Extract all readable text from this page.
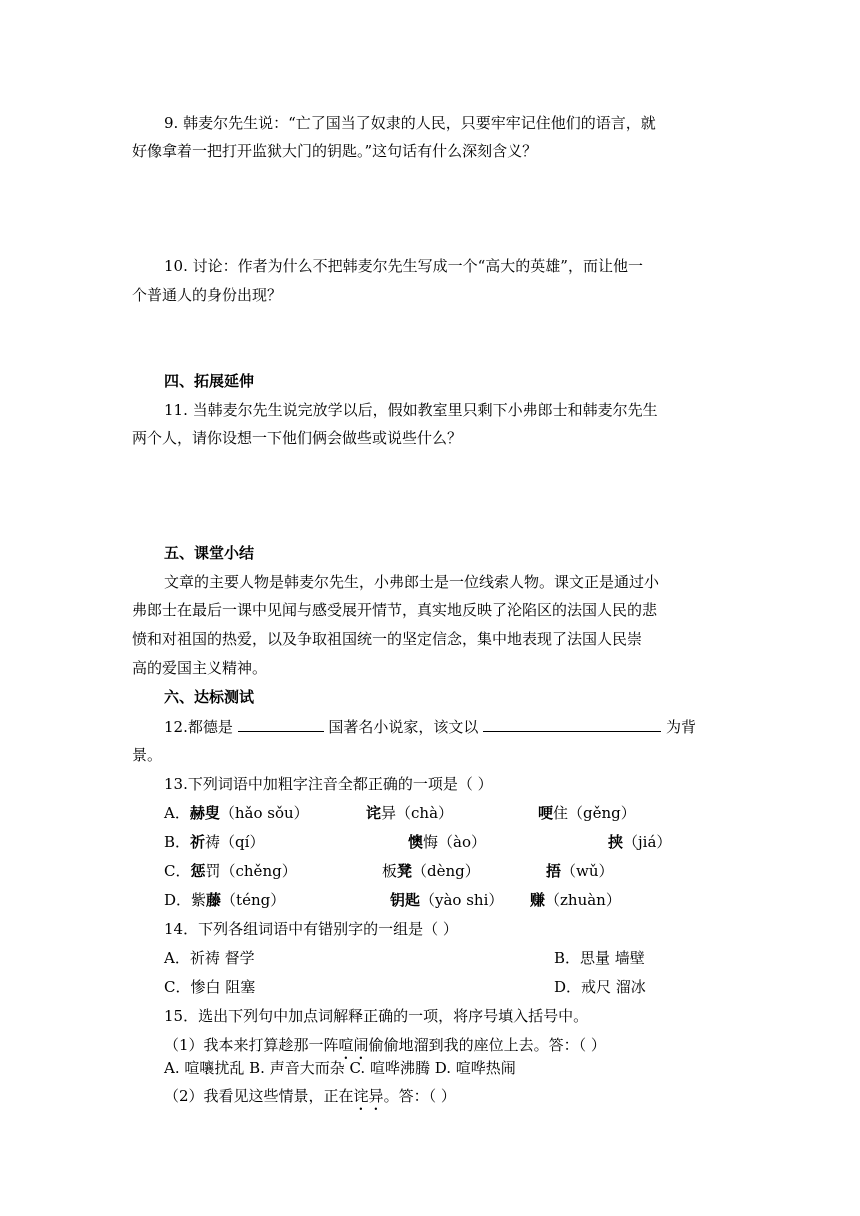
9. 韩麦尔先生说：“亡了国当了奴隶的人民，只要牢牢记住他们的语言，就
好像拿着一把打开监狱大门的钥匙。”这句话有什么深刻含义？
10. 讨论：作者为什么不把韩麦尔先生写成一个“高大的英雄”，而让他一
个普通人的身份出现？
四、拓展延伸
11. 当韩麦尔先生说完放学以后，假如教室里只剩下小弗郎士和韩麦尔先生
两个人，请你设想一下他们俩会做些或说些什么？
五、课堂小结
文章的主要人物是韩麦尔先生，小弗郎士是一位线索人物。课文正是通过小
弗郎士在最后一课中见闻与感受展开情节，真实地反映了沦陷区的法国人民的悲
愤和对祖国的热爱，以及争取祖国统一的坚定信念，集中地表现了法国人民崇
高的爱国主义精神。
六、达标测试
12.都德是	国著名小说家，该文以	为背
景。
13.下列词语中加粗字注音全都正确的一项是（ ）
A．赫叟（hǎo sǒu）	诧异（chà）	哽住（gěng）
B．祈祷（qí）	懊悔（ào）	挟（jiá）
C．惩罚（chěng）	板凳（dèng）	捂（wǔ）
D．紫藤（téng）	钥匙（yào shi） 赚（zhuàn）
14．下列各组词语中有错别字的一组是（ ）
A．祈祷 督学	B．思量 墙壁
C．惨白 阻塞	D．戒尺 溜冰
15．选出下列句中加点词解释正确的一项，将序号填入括号中。
（1）我本来打算趁那一阵喧闹偷偷地溜到我的座位上去。答：（ ）
A. 喧嚷扰乱 B. 声音大而杂 C. 喧哗沸腾 D. 喧哗热闹
（2）我看见这些情景，正在诧异。答：（ ）
